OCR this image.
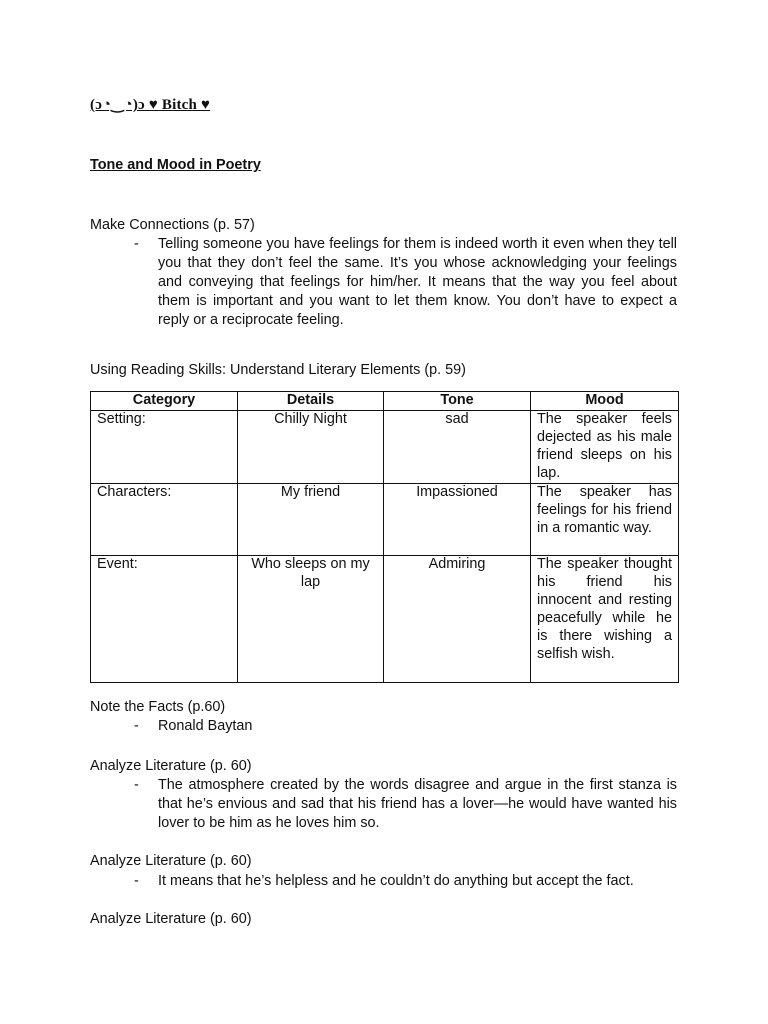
(ɔ◔‿◔)ɔ ♥ Bitch ♥
Tone and Mood in Poetry
Make Connections (p. 57)
- Telling someone you have feelings for them is indeed worth it even when they tell you that they don’t feel the same. It’s you whose acknowledging your feelings and conveying that feelings for him/her. It means that the way you feel about them is important and you want to let them know. You don’t have to expect a reply or a reciprocate feeling.
Using Reading Skills: Understand Literary Elements (p. 59)
Category	Details	Tone	Mood
Setting:	Chilly Night	sad	The speaker feels dejected as his male friend sleeps on his lap.
Characters:	My friend	Impassioned	The speaker has feelings for his friend in a romantic way.
Event:	Who sleeps on my lap	Admiring	The speaker thought his friend his innocent and resting peacefully while he is there wishing a selfish wish.
Note the Facts (p.60)
- Ronald Baytan
Analyze Literature (p. 60)
- The atmosphere created by the words disagree and argue in the first stanza is that he’s envious and sad that his friend has a lover—he would have wanted his lover to be him as he loves him so.
Analyze Literature (p. 60)
- It means that he’s helpless and he couldn’t do anything but accept the fact.
Analyze Literature (p. 60)
